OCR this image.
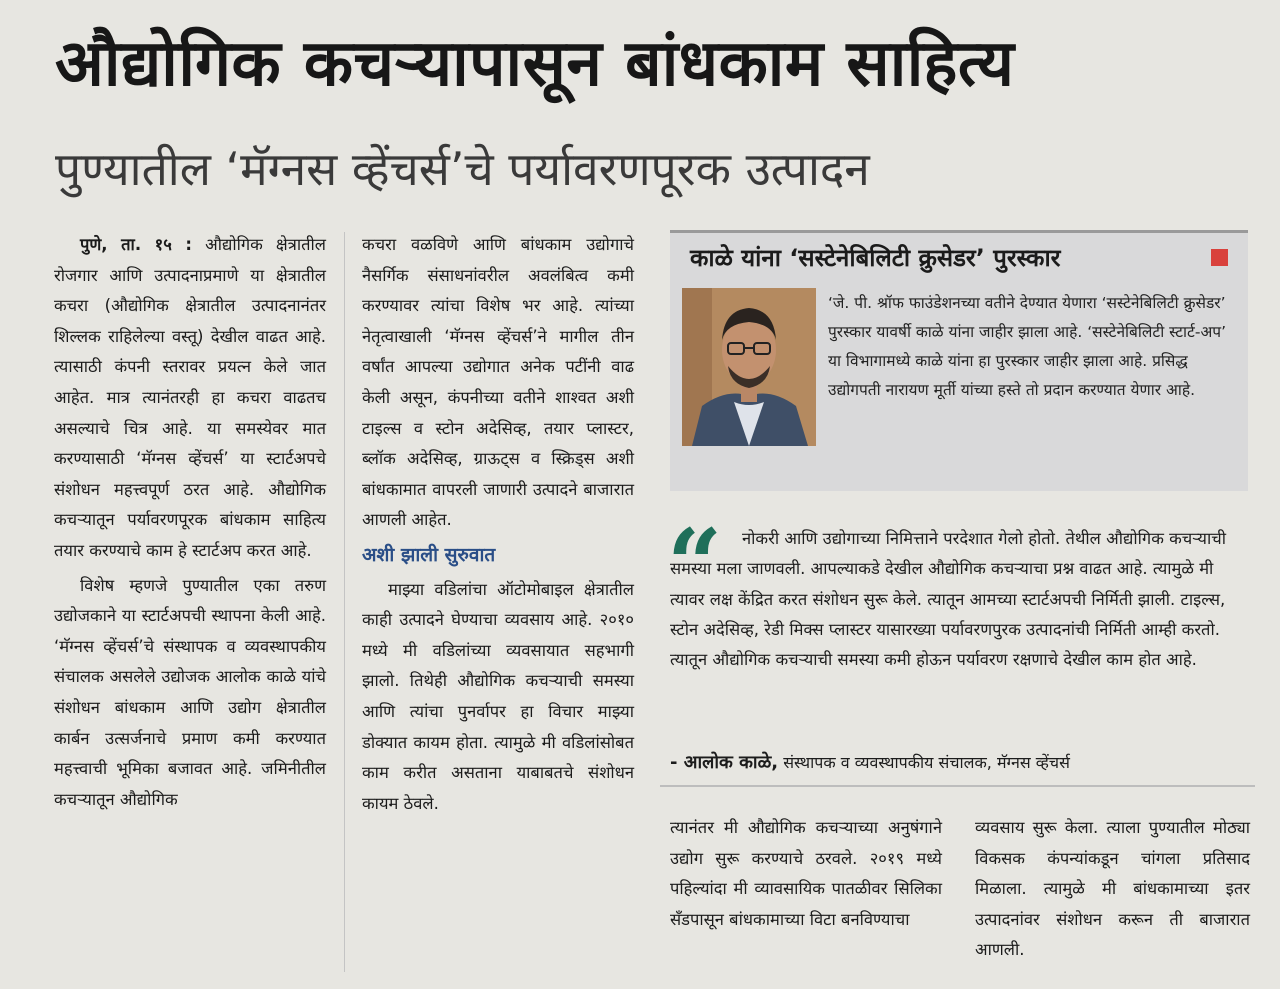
औद्योगिक कचऱ्यापासून बांधकाम साहित्य
पुण्यातील ‘मॅग्नस व्हेंचर्स’चे पर्यावरणपूरक उत्पादन

पुणे, ता. १५ : औद्योगिक क्षेत्रातील रोजगार आणि उत्पादनाप्रमाणे या क्षेत्रातील कचरा (औद्योगिक क्षेत्रातील उत्पादनानंतर शिल्लक राहिलेल्या वस्तू) देखील वाढत आहे. त्यासाठी कंपनी स्तरावर प्रयत्न केले जात आहेत. मात्र त्यानंतरही हा कचरा वाढतच असल्याचे चित्र आहे. या समस्येवर मात करण्यासाठी ‘मॅग्नस व्हेंचर्स’ या स्टार्टअपचे संशोधन महत्त्वपूर्ण ठरत आहे. औद्योगिक कचऱ्यातून पर्यावरणपूरक बांधकाम साहित्य तयार करण्याचे काम हे स्टार्टअप करत आहे.

विशेष म्हणजे पुण्यातील एका तरुण उद्योजकाने या स्टार्टअपची स्थापना केली आहे. ‘मॅग्नस व्हेंचर्स’चे संस्थापक व व्यवस्थापकीय संचालक असलेले उद्योजक आलोक काळे यांचे संशोधन बांधकाम आणि उद्योग क्षेत्रातील कार्बन उत्सर्जनाचे प्रमाण कमी करण्यात महत्त्वाची भूमिका बजावत आहे. जमिनीतील कचऱ्यातून औद्योगिक

कचरा वळविणे आणि बांधकाम उद्योगाचे नैसर्गिक संसाधनांवरील अवलंबित्व कमी करण्यावर त्यांचा विशेष भर आहे. त्यांच्या नेतृत्वाखाली ‘मॅग्नस व्हेंचर्स’ने मागील तीन वर्षांत आपल्या उद्योगात अनेक पटींनी वाढ केली असून, कंपनीच्या वतीने शाश्वत अशी टाइल्स व स्टोन अदेसिव्ह, तयार प्लास्टर, ब्लॉक अदेसिव्ह, ग्राऊट्स व स्क्रिड्स अशी बांधकामात वापरली जाणारी उत्पादने बाजारात आणली आहेत.

अशी झाली सुरुवात

माझ्या वडिलांचा ऑटोमोबाइल क्षेत्रातील काही उत्पादने घेण्याचा व्यवसाय आहे. २०१० मध्ये मी वडिलांच्या व्यवसायात सहभागी झालो. तिथेही औद्योगिक कचऱ्याची समस्या आणि त्यांचा पुनर्वापर हा विचार माझ्या डोक्यात कायम होता. त्यामुळे मी वडिलांसोबत काम करीत असताना याबाबतचे संशोधन कायम ठेवले.

काळे यांना ‘सस्टेनेबिलिटी क्रुसेडर’ पुरस्कार
‘जे. पी. श्रॉफ फाउंडेशनच्या वतीने देण्यात येणारा ‘सस्टेनेबिलिटी क्रुसेडर’ पुरस्कार यावर्षी काळे यांना जाहीर झाला आहे. ‘सस्टेनेबिलिटी स्टार्ट-अप’ या विभागामध्ये काळे यांना हा पुरस्कार जाहीर झाला आहे. प्रसिद्ध उद्योगपती नारायण मूर्ती यांच्या हस्ते तो प्रदान करण्यात येणार आहे.
“	नोकरी आणि उद्योगाच्या निमित्ताने परदेशात गेलो होतो. तेथील औद्योगिक कचऱ्याची समस्या मला जाणवली. आपल्याकडे देखील औद्योगिक कचऱ्याचा प्रश्न वाढत आहे. त्यामुळे मी त्यावर लक्ष केंद्रित करत संशोधन सुरू केले. त्यातून आमच्या स्टार्टअपची निर्मिती झाली. टाइल्स, स्टोन अदेसिव्ह, रेडी मिक्स प्लास्टर यासारख्या पर्यावरणपुरक उत्पादनांची निर्मिती आम्ही करतो. त्यातून औद्योगिक कचऱ्याची समस्या कमी होऊन पर्यावरण रक्षणाचे देखील काम होत आहे.
- आलोक काळे, संस्थापक व व्यवस्थापकीय संचालक, मॅग्नस व्हेंचर्स

त्यानंतर मी औद्योगिक कचऱ्याच्या अनुषंगाने उद्योग सुरू करण्याचे ठरवले. २०१९ मध्ये पहिल्यांदा मी व्यावसायिक पातळीवर सिलिका सँडपासून बांधकामाच्या विटा बनविण्याचा

व्यवसाय सुरू केला. त्याला पुण्यातील मोठ्या विकसक कंपन्यांकडून चांगला प्रतिसाद मिळाला. त्यामुळे मी बांधकामाच्या इतर उत्पादनांवर संशोधन करून ती बाजारात आणली.
